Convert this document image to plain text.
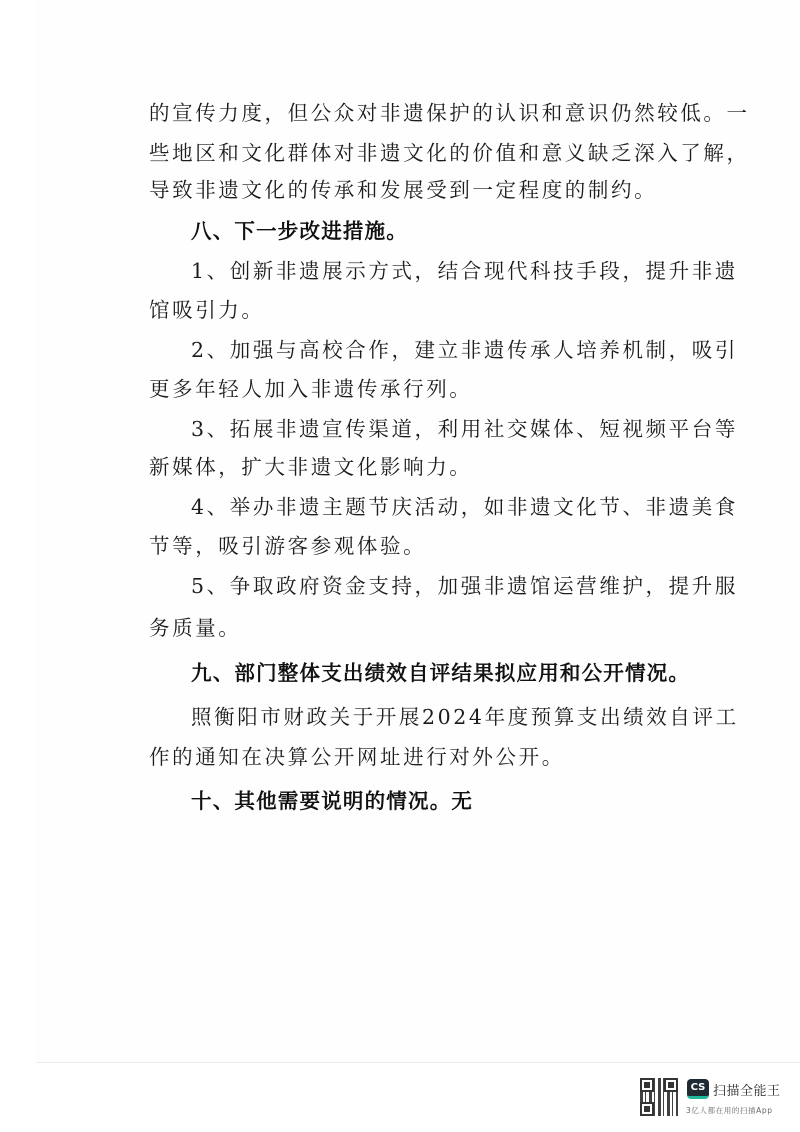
的宣传力度，但公众对非遗保护的认识和意识仍然较低。一
些地区和文化群体对非遗文化的价值和意义缺乏深入了解，
导致非遗文化的传承和发展受到一定程度的制约。
八、下一步改进措施。
1、创新非遗展示方式，结合现代科技手段，提升非遗
馆吸引力。
2、加强与高校合作，建立非遗传承人培养机制，吸引
更多年轻人加入非遗传承行列。
3、拓展非遗宣传渠道，利用社交媒体、短视频平台等
新媒体，扩大非遗文化影响力。
4、举办非遗主题节庆活动，如非遗文化节、非遗美食
节等，吸引游客参观体验。
5、争取政府资金支持，加强非遗馆运营维护，提升服
务质量。
九、部门整体支出绩效自评结果拟应用和公开情况。
照衡阳市财政关于开展2024年度预算支出绩效自评工
作的通知在决算公开网址进行对外公开。
十、其他需要说明的情况。无
CS 扫描全能王
3亿人都在用的扫描App
